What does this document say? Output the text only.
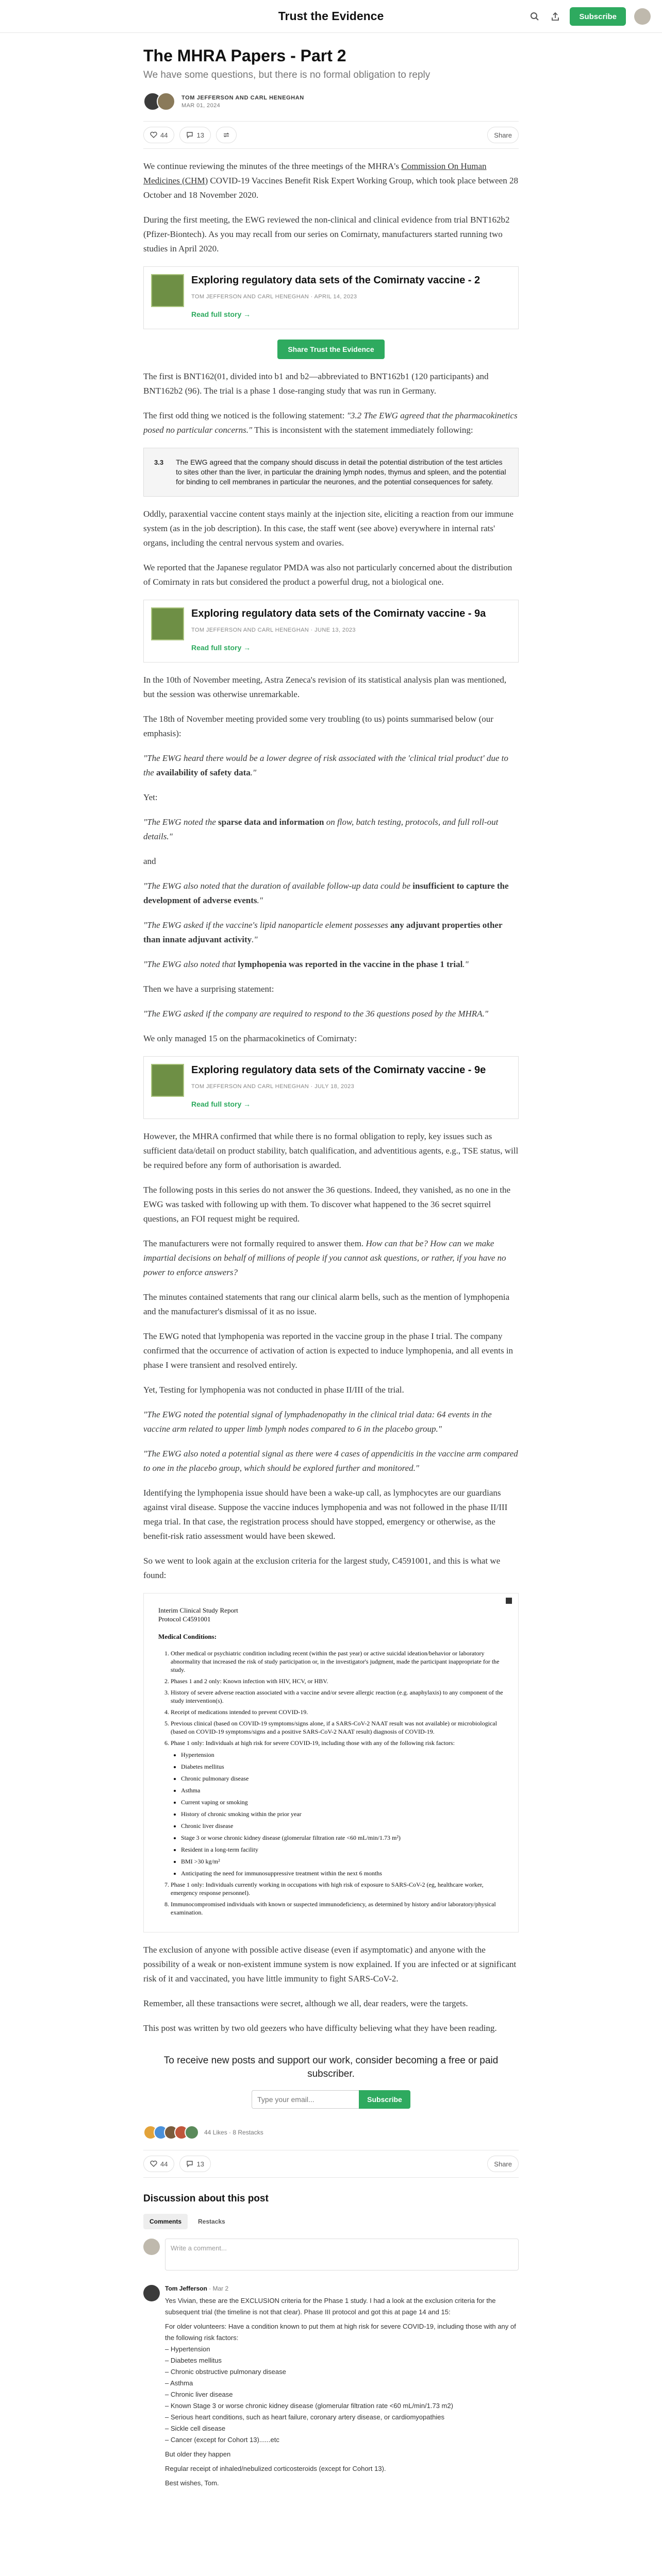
Trust the Evidence	Subscribe
The MHRA Papers - Part 2
We have some questions, but there is no formal obligation to reply
TOM JEFFERSON AND CARL HENEGHAN
MAR 01, 2024
44	13	Share

We continue reviewing the minutes of the three meetings of the MHRA's Commission On Human Medicines (CHM) COVID-19 Vaccines Benefit Risk Expert Working Group, which took place between 28 October and 18 November 2020.

During the first meeting, the EWG reviewed the non-clinical and clinical evidence from trial BNT162b2 (Pfizer-Biontech). As you may recall from our series on Comirnaty, manufacturers started running two studies in April 2020.

Exploring regulatory data sets of the Comirnaty vaccine - 2
TOM JEFFERSON AND CARL HENEGHAN · APRIL 14, 2023
Read full story →
Share Trust the Evidence

The first is BNT162(01, divided into b1 and b2—abbreviated to BNT162b1 (120 participants) and BNT162b2 (96). The trial is a phase 1 dose-ranging study that was run in Germany.

The first odd thing we noticed is the following statement: "3.2 The EWG agreed that the pharmacokinetics posed no particular concerns." This is inconsistent with the statement immediately following:

3.3 The EWG agreed that the company should discuss in detail the potential distribution of the test articles to sites other than the liver, in particular the draining lymph nodes, thymus and spleen, and the potential for binding to cell membranes in particular the neurones, and the potential consequences for safety.

Oddly, paraxential vaccine content stays mainly at the injection site, eliciting a reaction from our immune system (as in the job description). In this case, the staff went (see above) everywhere in internal rats' organs, including the central nervous system and ovaries.

We reported that the Japanese regulator PMDA was also not particularly concerned about the distribution of Comirnaty in rats but considered the product a powerful drug, not a biological one.

Exploring regulatory data sets of the Comirnaty vaccine - 9a
TOM JEFFERSON AND CARL HENEGHAN · JUNE 13, 2023
Read full story →

In the 10th of November meeting, Astra Zeneca's revision of its statistical analysis plan was mentioned, but the session was otherwise unremarkable.

The 18th of November meeting provided some very troubling (to us) points summarised below (our emphasis):

"The EWG heard there would be a lower degree of risk associated with the 'clinical trial product' due to the availability of safety data."

Yet:

"The EWG noted the sparse data and information on flow, batch testing, protocols, and full roll-out details."

and

"The EWG also noted that the duration of available follow-up data could be insufficient to capture the development of adverse events."

"The EWG asked if the vaccine's lipid nanoparticle element possesses any adjuvant properties other than innate adjuvant activity."

"The EWG also noted that lymphopenia was reported in the vaccine in the phase 1 trial."

Then we have a surprising statement:

"The EWG asked if the company are required to respond to the 36 questions posed by the MHRA."

We only managed 15 on the pharmacokinetics of Comirnaty:

Exploring regulatory data sets of the Comirnaty vaccine - 9e
TOM JEFFERSON AND CARL HENEGHAN · JULY 18, 2023
Read full story →

However, the MHRA confirmed that while there is no formal obligation to reply, key issues such as sufficient data/detail on product stability, batch qualification, and adventitious agents, e.g., TSE status, will be required before any form of authorisation is awarded.

The following posts in this series do not answer the 36 questions. Indeed, they vanished, as no one in the EWG was tasked with following up with them. To discover what happened to the 36 secret squirrel questions, an FOI request might be required.

The manufacturers were not formally required to answer them. How can that be? How can we make impartial decisions on behalf of millions of people if you cannot ask questions, or rather, if you have no power to enforce answers?

The minutes contained statements that rang our clinical alarm bells, such as the mention of lymphopenia and the manufacturer's dismissal of it as no issue.

The EWG noted that lymphopenia was reported in the vaccine group in the phase I trial. The company confirmed that the occurrence of activation of action is expected to induce lymphopenia, and all events in phase I were transient and resolved entirely.

Yet, Testing for lymphopenia was not conducted in phase II/III of the trial.

"The EWG noted the potential signal of lymphadenopathy in the clinical trial data: 64 events in the vaccine arm related to upper limb lymph nodes compared to 6 in the placebo group."

"The EWG also noted a potential signal as there were 4 cases of appendicitis in the vaccine arm compared to one in the placebo group, which should be explored further and monitored."

Identifying the lymphopenia issue should have been a wake-up call, as lymphocytes are our guardians against viral disease. Suppose the vaccine induces lymphopenia and was not followed in the phase II/III mega trial. In that case, the registration process should have stopped, emergency or otherwise, as the benefit-risk ratio assessment would have been skewed.

So we went to look again at the exclusion criteria for the largest study, C4591001, and this is what we found:

Interim Clinical Study Report
Protocol C4591001
Medical Conditions:
1. Other medical or psychiatric condition including recent (within the past year) or active suicidal ideation/behavior or laboratory abnormality that increased the risk of study participation or, in the investigator's judgment, made the participant inappropriate for the study.
2. Phases 1 and 2 only: Known infection with HIV, HCV, or HBV.
3. History of severe adverse reaction associated with a vaccine and/or severe allergic reaction (e.g. anaphylaxis) to any component of the study intervention(s).
4. Receipt of medications intended to prevent COVID-19.
5. Previous clinical (based on COVID-19 symptoms/signs alone, if a SARS-CoV-2 NAAT result was not available) or microbiological (based on COVID-19 symptoms/signs and a positive SARS-CoV-2 NAAT result) diagnosis of COVID-19.
6. Phase 1 only: Individuals at high risk for severe COVID-19, including those with any of the following risk factors:
• Hypertension
• Diabetes mellitus
• Chronic pulmonary disease
• Asthma
• Current vaping or smoking
• History of chronic smoking within the prior year
• Chronic liver disease
• Stage 3 or worse chronic kidney disease (glomerular filtration rate <60 mL/min/1.73 m²)
• Resident in a long-term facility
• BMI >30 kg/m²
• Anticipating the need for immunosuppressive treatment within the next 6 months
7. Phase 1 only: Individuals currently working in occupations with high risk of exposure to SARS-CoV-2 (eg, healthcare worker, emergency response personnel).
8. Immunocompromised individuals with known or suspected immunodeficiency, as determined by history and/or laboratory/physical examination.

The exclusion of anyone with possible active disease (even if asymptomatic) and anyone with the possibility of a weak or non-existent immune system is now explained. If you are infected or at significant risk of it and vaccinated, you have little immunity to fight SARS-CoV-2.

Remember, all these transactions were secret, although we all, dear readers, were the targets.

This post was written by two old geezers who have difficulty believing what they have been reading.

To receive new posts and support our work, consider becoming a free or paid subscriber.
Type your email...
Subscribe
44 Likes · 8 Restacks
44	13	Share
Discussion about this post
Comments	Restacks
Write a comment...
Tom Jefferson · Mar 2

Yes Vivian, these are the EXCLUSION criteria for the Phase 1 study. I had a look at the exclusion criteria for the subsequent trial (the timeline is not that clear). Phase III protocol and got this at page 14 and 15:

For older volunteers: Have a condition known to put them at high risk for severe COVID-19, including those with any of the following risk factors:

– Hypertension
– Diabetes mellitus
– Chronic obstructive pulmonary disease
– Asthma
– Chronic liver disease
– Known Stage 3 or worse chronic kidney disease (glomerular filtration rate <60 mL/min/1.73 m2)
– Serious heart conditions, such as heart failure, coronary artery disease, or cardiomyopathies
– Sickle cell disease
– Cancer (except for Cohort 13)......etc

But older they happen

Regular receipt of inhaled/nebulized corticosteroids (except for Cohort 13).

Best wishes, Tom.
